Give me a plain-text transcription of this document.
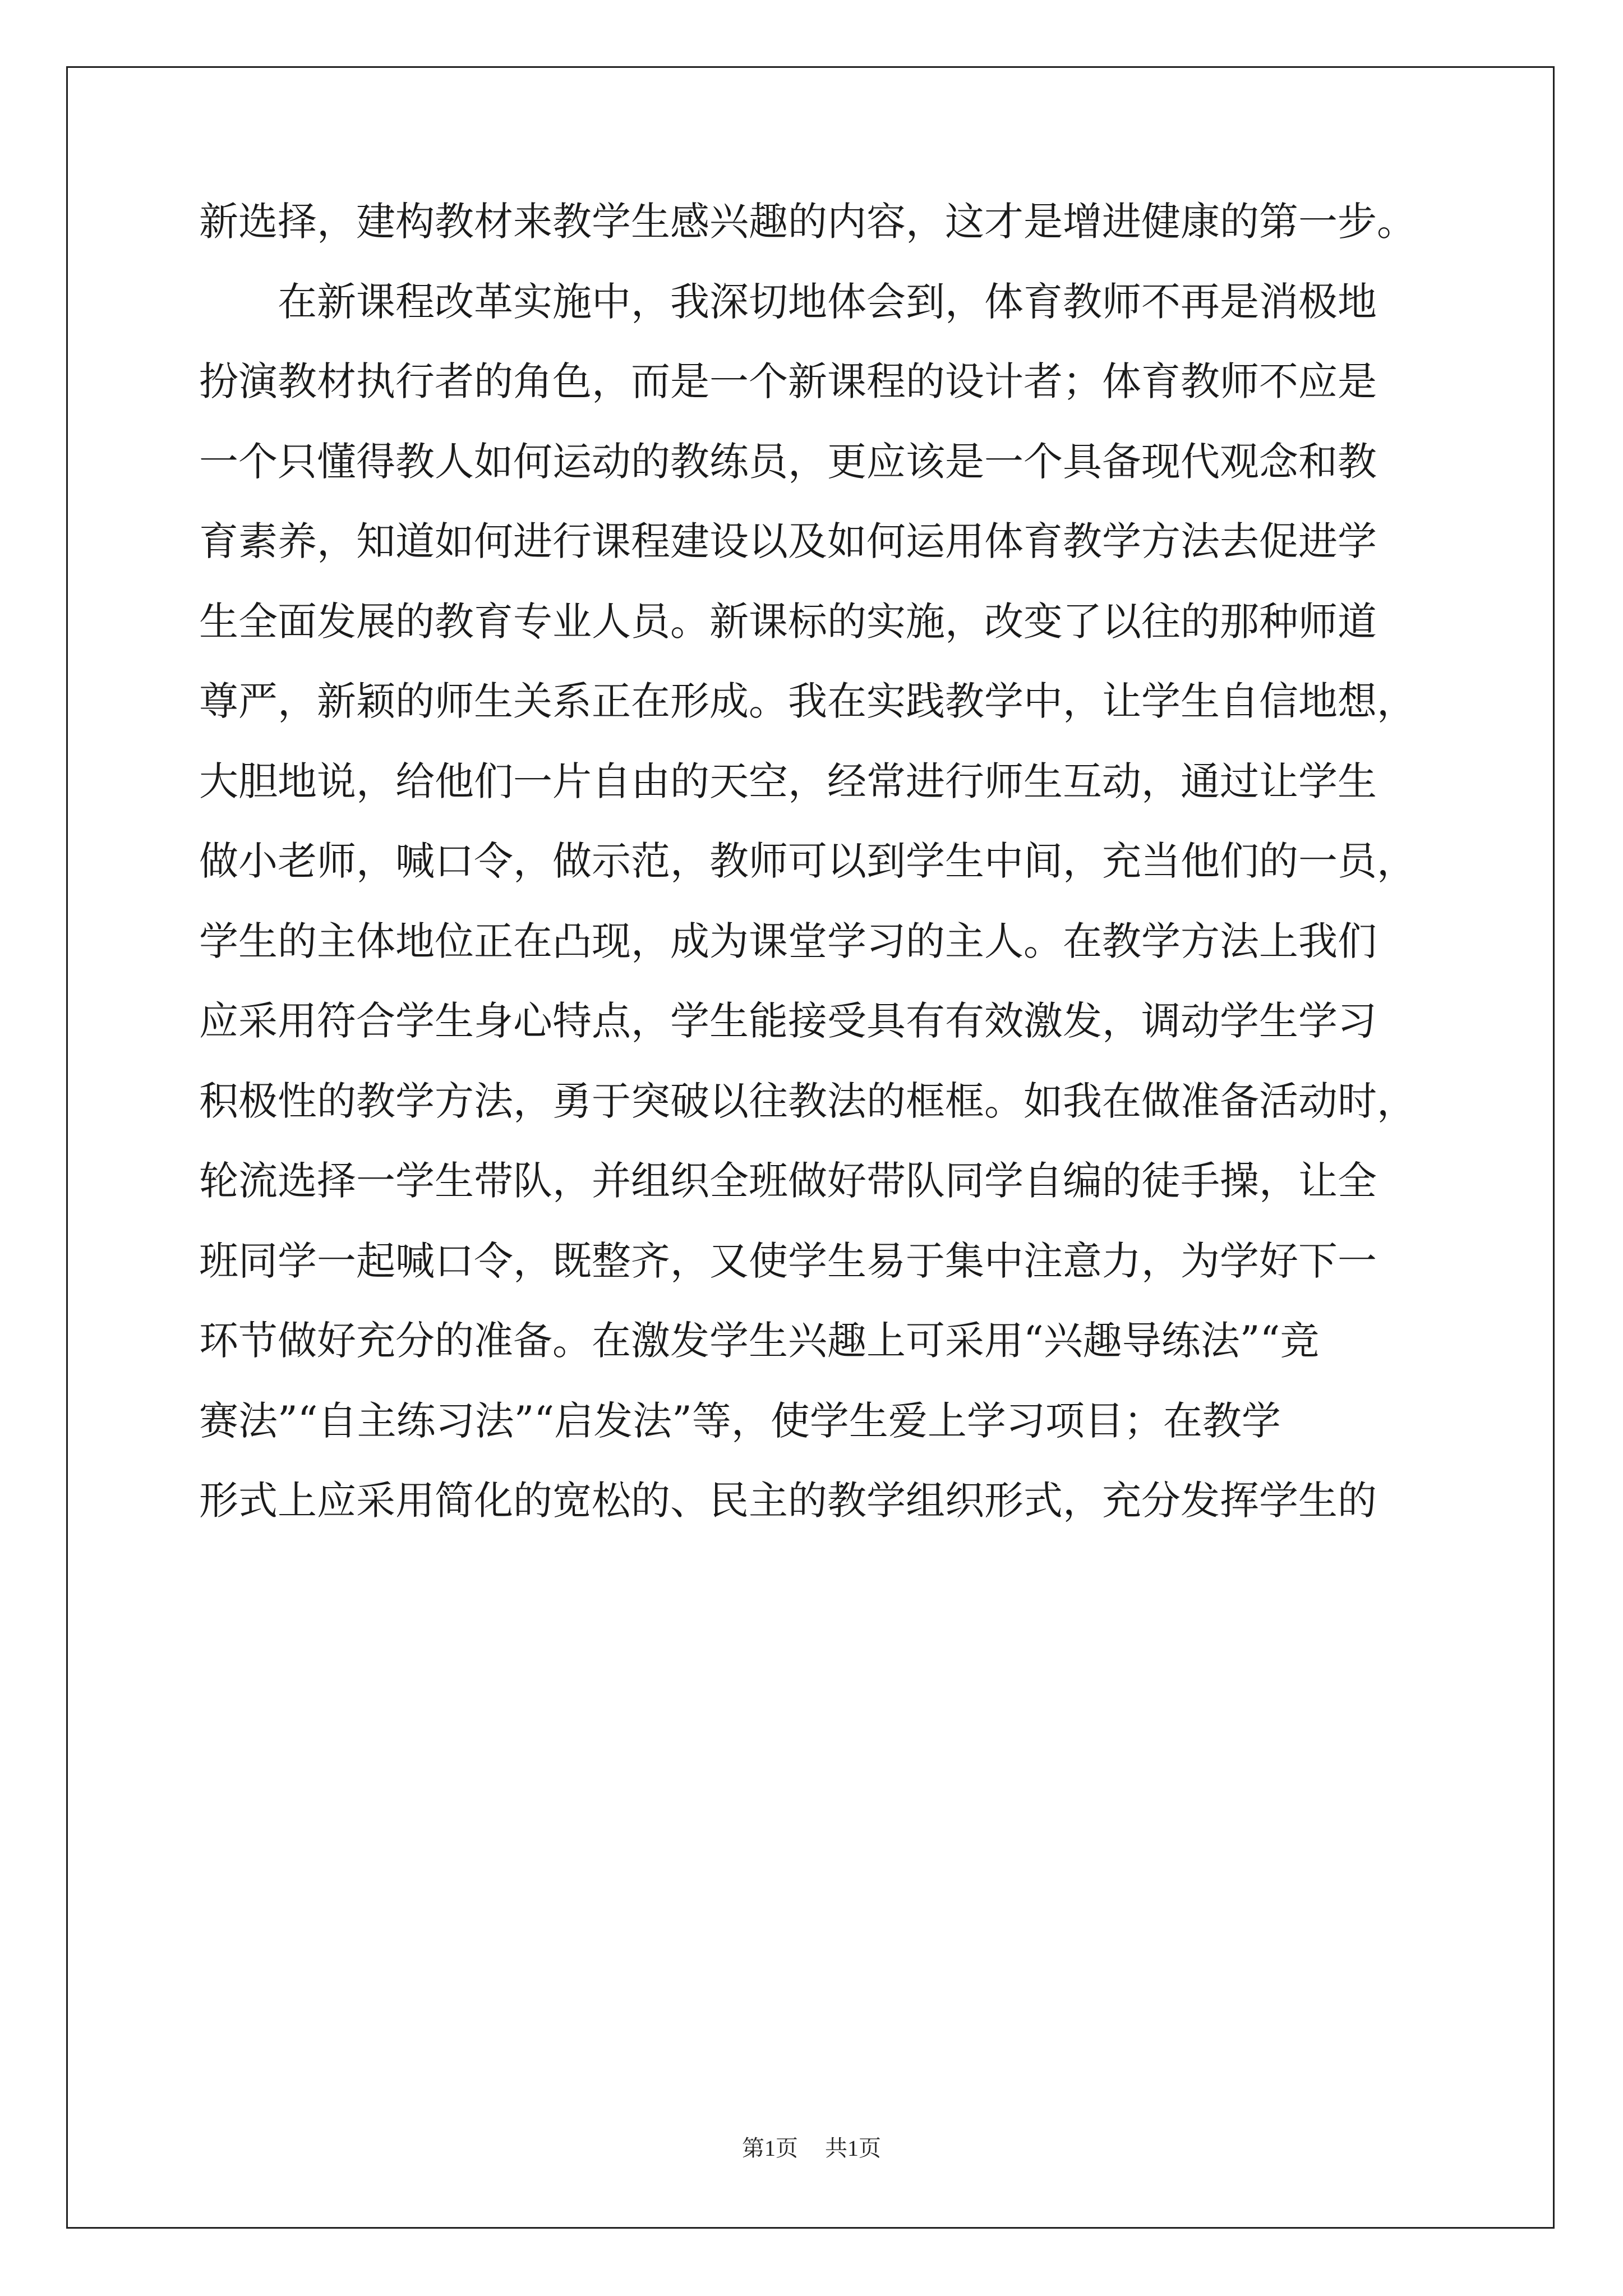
新选择，建构教材来教学生感兴趣的内容，这才是增进健康的第一步。
在新课程改革实施中，我深切地体会到，体育教师不再是消极地
扮演教材执行者的角色，而是一个新课程的设计者；体育教师不应是
一个只懂得教人如何运动的教练员，更应该是一个具备现代观念和教
育素养，知道如何进行课程建设以及如何运用体育教学方法去促进学
生全面发展的教育专业人员。新课标的实施，改变了以往的那种师道
尊严，新颖的师生关系正在形成。我在实践教学中，让学生自信地想，
大胆地说，给他们一片自由的天空，经常进行师生互动，通过让学生
做小老师，喊口令，做示范，教师可以到学生中间，充当他们的一员，
学生的主体地位正在凸现，成为课堂学习的主人。在教学方法上我们
应采用符合学生身心特点，学生能接受具有有效激发，调动学生学习
积极性的教学方法，勇于突破以往教法的框框。如我在做准备活动时，
轮流选择一学生带队，并组织全班做好带队同学自编的徒手操，让全
班同学一起喊口令，既整齐，又使学生易于集中注意力，为学好下一
环节做好充分的准备。在激发学生兴趣上可采用“兴趣导练法”“竞
赛法”“自主练习法”“启发法”等，使学生爱上学习项目；在教学
形式上应采用简化的宽松的、民主的教学组织形式，充分发挥学生的
第1页 共1页
